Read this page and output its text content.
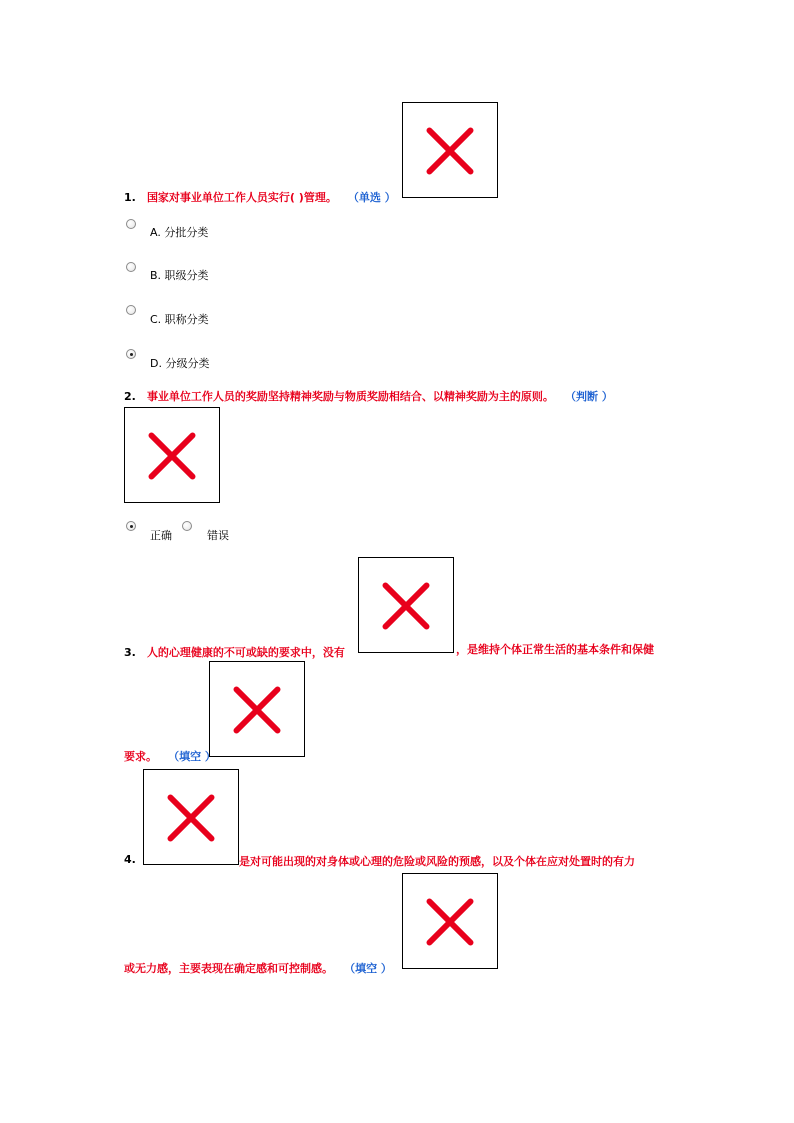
1. 国家对事业单位工作人员实行( )管理。 （单选 ）
A. 分批分类
B. 职级分类
C. 职称分类
D. 分级分类
2. 事业单位工作人员的奖励坚持精神奖励与物质奖励相结合、以精神奖励为主的原则。 （判断 ）
正确	错误
3. 人的心理健康的不可或缺的要求中，没有	，是维持个体正常生活的基本条件和保健
要求。 （填空 ）
4.	是对可能出现的对身体或心理的危险或风险的预感，以及个体在应对处置时的有力
或无力感，主要表现在确定感和可控制感。 （填空 ）
